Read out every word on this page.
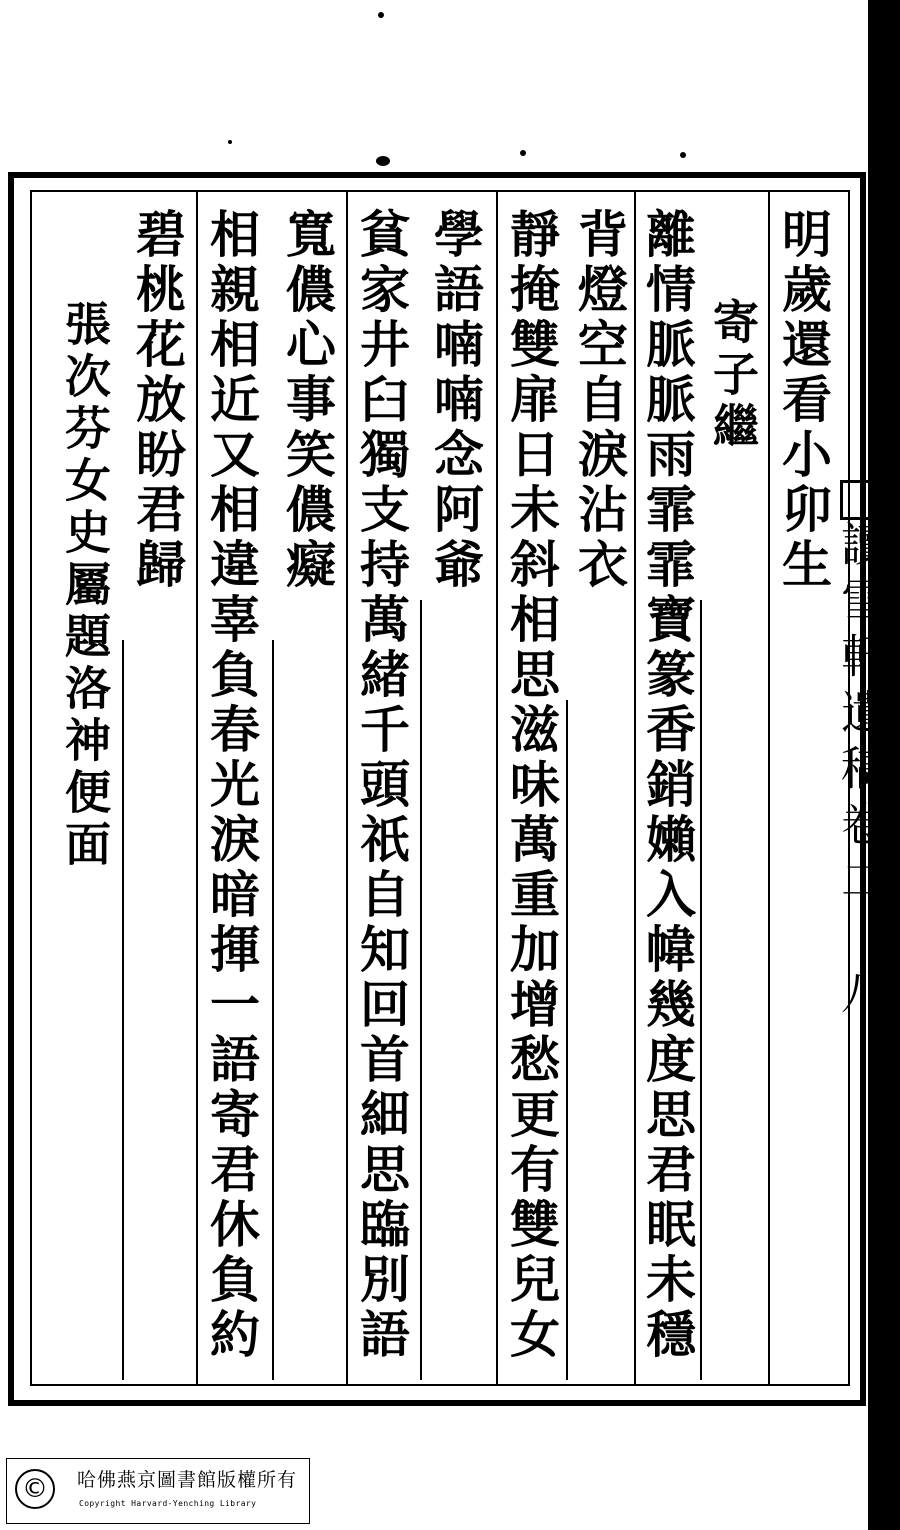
明歲還看小卯生
寄子繼
離情脈脈雨霏霏寶篆香銷嬾入幃幾度思君眠未穩
背燈空自淚沾衣
靜掩雙扉日未斜相思滋味萬重加增愁更有雙兒女
學語喃喃念阿爺
貧家井臼獨支持萬緒千頭祇自知回首細思臨別語
寬儂心事笑儂癡
相親相近又相違辜負春光淚暗揮一語寄君休負約
碧桃花放盼君歸
張次芬女史屬題洛神便面	讀雪軒遺稿卷二　八
©	哈佛燕京圖書館版權所有
Copyright Harvard-Yenching Library
